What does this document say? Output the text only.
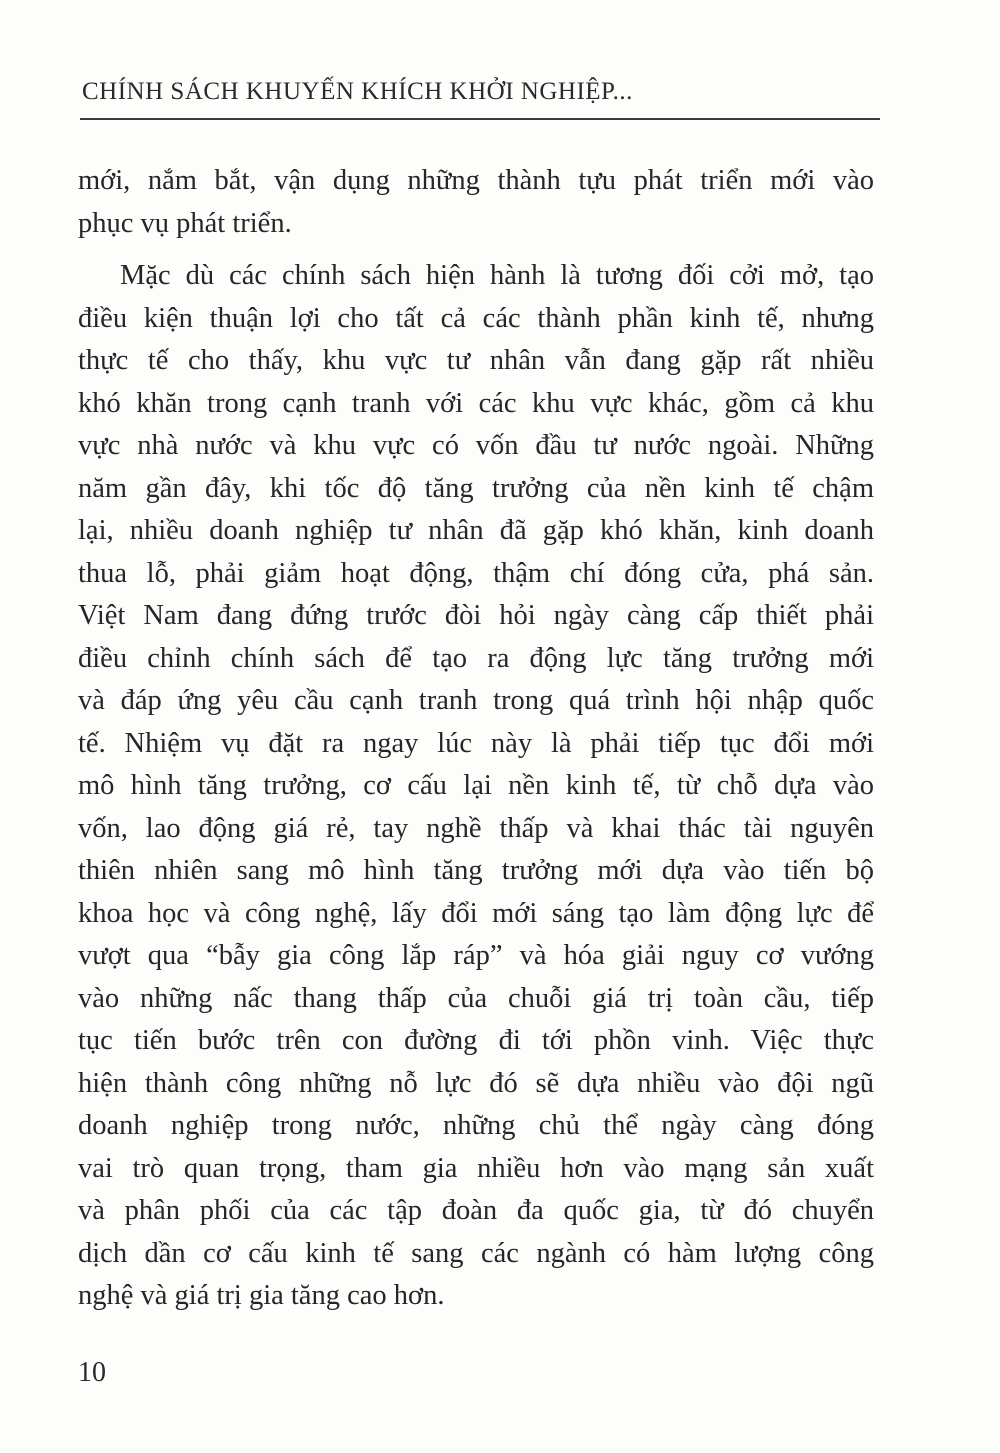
CHÍNH SÁCH KHUYẾN KHÍCH KHỞI NGHIỆP...
mới, nắm bắt, vận dụng những thành tựu phát triển mới vào
phục vụ phát triển.
Mặc dù các chính sách hiện hành là tương đối cởi mở, tạo
điều kiện thuận lợi cho tất cả các thành phần kinh tế, nhưng
thực tế cho thấy, khu vực tư nhân vẫn đang gặp rất nhiều
khó khăn trong cạnh tranh với các khu vực khác, gồm cả khu
vực nhà nước và khu vực có vốn đầu tư nước ngoài. Những
năm gần đây, khi tốc độ tăng trưởng của nền kinh tế chậm
lại, nhiều doanh nghiệp tư nhân đã gặp khó khăn, kinh doanh
thua lỗ, phải giảm hoạt động, thậm chí đóng cửa, phá sản.
Việt Nam đang đứng trước đòi hỏi ngày càng cấp thiết phải
điều chỉnh chính sách để tạo ra động lực tăng trưởng mới
và đáp ứng yêu cầu cạnh tranh trong quá trình hội nhập quốc
tế. Nhiệm vụ đặt ra ngay lúc này là phải tiếp tục đổi mới
mô hình tăng trưởng, cơ cấu lại nền kinh tế, từ chỗ dựa vào
vốn, lao động giá rẻ, tay nghề thấp và khai thác tài nguyên
thiên nhiên sang mô hình tăng trưởng mới dựa vào tiến bộ
khoa học và công nghệ, lấy đổi mới sáng tạo làm động lực để
vượt qua “bẫy gia công lắp ráp” và hóa giải nguy cơ vướng
vào những nấc thang thấp của chuỗi giá trị toàn cầu, tiếp
tục tiến bước trên con đường đi tới phồn vinh. Việc thực
hiện thành công những nỗ lực đó sẽ dựa nhiều vào đội ngũ
doanh nghiệp trong nước, những chủ thể ngày càng đóng
vai trò quan trọng, tham gia nhiều hơn vào mạng sản xuất
và phân phối của các tập đoàn đa quốc gia, từ đó chuyển
dịch dần cơ cấu kinh tế sang các ngành có hàm lượng công
nghệ và giá trị gia tăng cao hơn.
10
